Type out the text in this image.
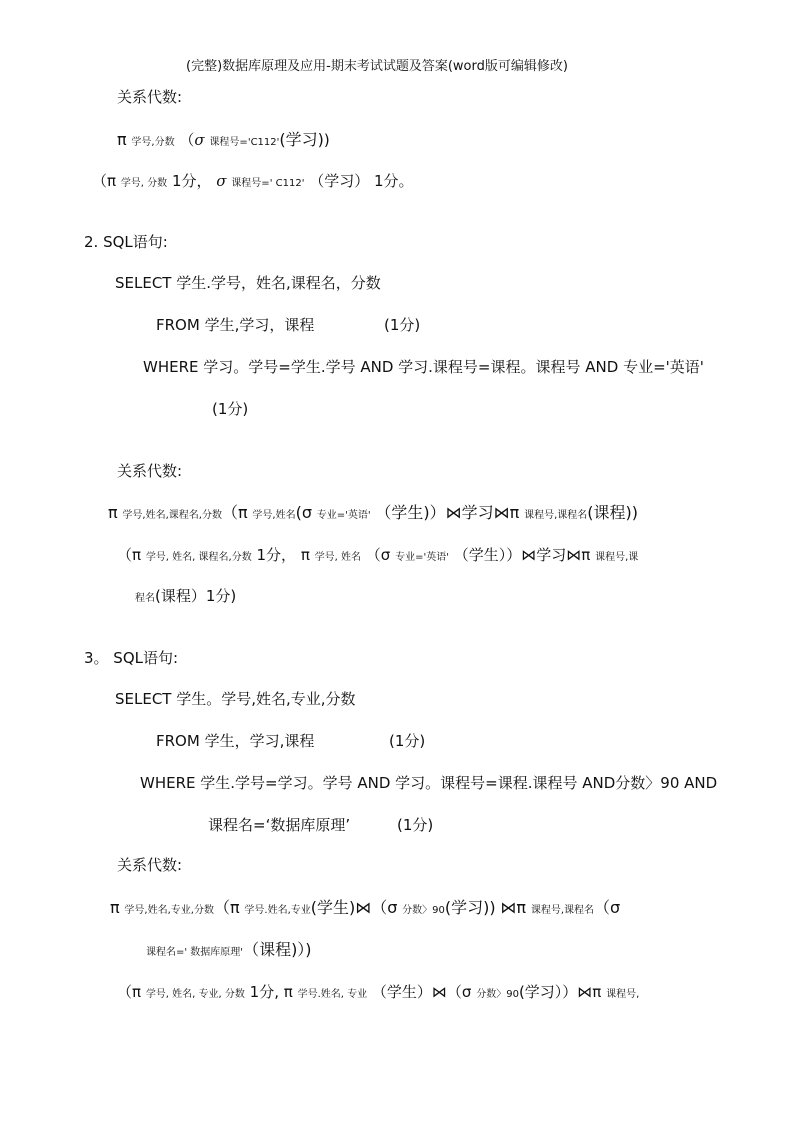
(完整)数据库原理及应用-期末考试试题及答案(word版可编辑修改)
关系代数:
π 学号,分数 （σ 课程号='C112'(学习))
（π 学号, 分数 1分， σ 课程号=' C112' （学习） 1分。
2. SQL语句:
SELECT 学生.学号，姓名,课程名，分数
FROM 学生,学习，课程	(1分)
WHERE 学习。学号=学生.学号 AND 学习.课程号=课程。课程号 AND 专业='英语'
(1分)
关系代数:
π 学号,姓名,课程名,分数（π 学号,姓名(σ 专业='英语' （学生)）⋈学习⋈π 课程号,课程名(课程))
（π 学号, 姓名, 课程名,分数 1分， π 学号, 姓名 （σ 专业='英语' （学生））⋈学习⋈π 课程号,课
程名(课程）1分)
3。 SQL语句:
SELECT 学生。学号,姓名,专业,分数
FROM 学生，学习,课程	(1分)
WHERE 学生.学号=学习。学号 AND 学习。课程号=课程.课程号 AND分数〉90 AND
课程名=‘数据库原理’	(1分)
关系代数:
π 学号,姓名,专业,分数（π 学号.姓名,专业(学生)⋈（σ 分数〉90(学习)) ⋈π 课程号,课程名（σ
课程名=' 数据库原理'（课程)）)
（π 学号, 姓名, 专业, 分数 1分, π 学号.姓名, 专业 （学生）⋈（σ 分数〉90(学习））⋈π 课程号,
